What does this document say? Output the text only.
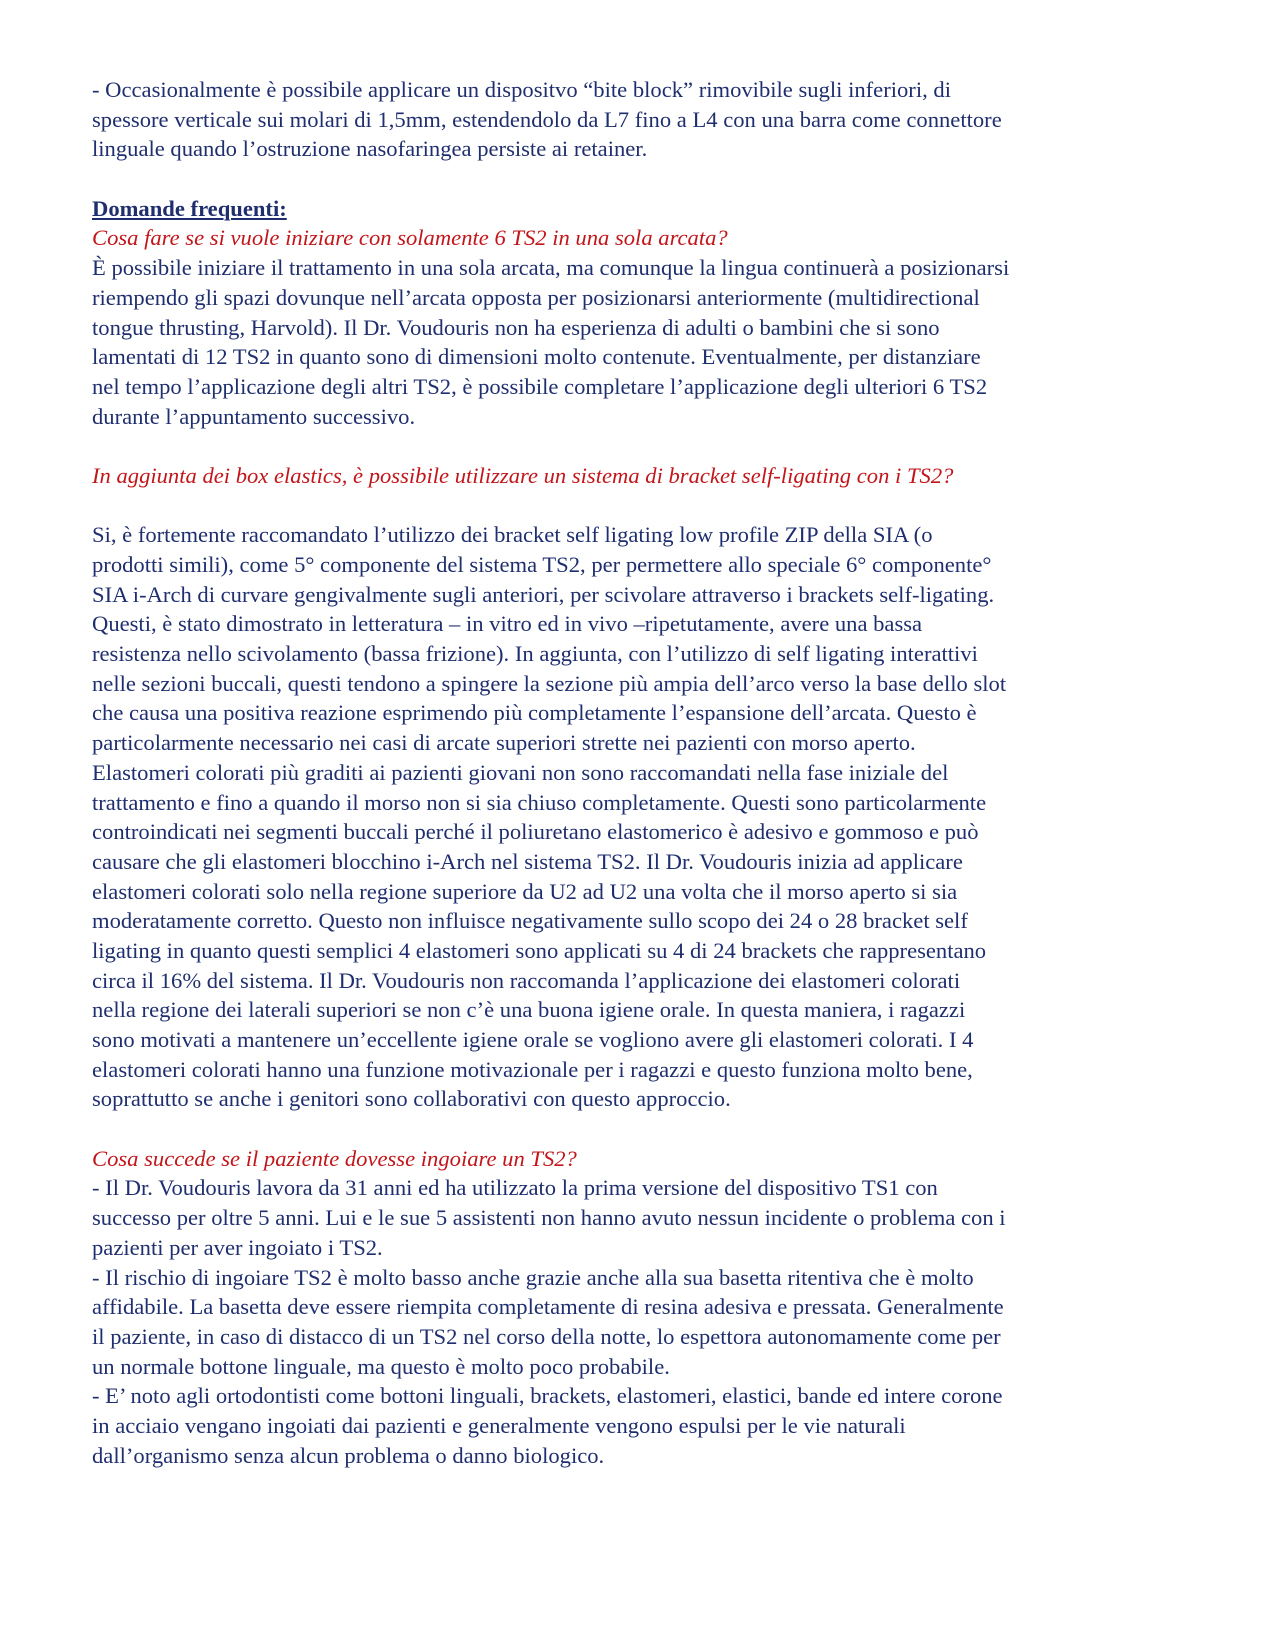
- Occasionalmente è possibile applicare un dispositvo “bite block” rimovibile sugli inferiori, di
spessore verticale sui molari di 1,5mm, estendendolo da L7 fino a L4 con una barra come connettore
linguale quando l’ostruzione nasofaringea persiste ai retainer.
Domande frequenti:
Cosa fare se si vuole iniziare con solamente 6 TS2 in una sola arcata?
È possibile iniziare il trattamento in una sola arcata, ma comunque la lingua continuerà a posizionarsi
riempendo gli spazi dovunque nell’arcata opposta per posizionarsi anteriormente (multidirectional
tongue thrusting, Harvold). Il Dr. Voudouris non ha esperienza di adulti o bambini che si sono
lamentati di 12 TS2 in quanto sono di dimensioni molto contenute. Eventualmente, per distanziare
nel tempo l’applicazione degli altri TS2, è possibile completare l’applicazione degli ulteriori 6 TS2
durante l’appuntamento successivo.
In aggiunta dei box elastics, è possibile utilizzare un sistema di bracket self-ligating con i TS2?
Si, è fortemente raccomandato l’utilizzo dei bracket self ligating low profile ZIP della SIA (o
prodotti simili), come 5° componente del sistema TS2, per permettere allo speciale 6° componente°
SIA i-Arch di curvare gengivalmente sugli anteriori, per scivolare attraverso i brackets self-ligating.
Questi, è stato dimostrato in letteratura – in vitro ed in vivo –ripetutamente, avere una bassa
resistenza nello scivolamento (bassa frizione). In aggiunta, con l’utilizzo di self ligating interattivi
nelle sezioni buccali, questi tendono a spingere la sezione più ampia dell’arco verso la base dello slot
che causa una positiva reazione esprimendo più completamente l’espansione dell’arcata. Questo è
particolarmente necessario nei casi di arcate superiori strette nei pazienti con morso aperto.
Elastomeri colorati più graditi ai pazienti giovani non sono raccomandati nella fase iniziale del
trattamento e fino a quando il morso non si sia chiuso completamente. Questi sono particolarmente
controindicati nei segmenti buccali perché il poliuretano elastomerico è adesivo e gommoso e può
causare che gli elastomeri blocchino i-Arch nel sistema TS2. Il Dr. Voudouris inizia ad applicare
elastomeri colorati solo nella regione superiore da U2 ad U2 una volta che il morso aperto si sia
moderatamente corretto. Questo non influisce negativamente sullo scopo dei 24 o 28 bracket self
ligating in quanto questi semplici 4 elastomeri sono applicati su 4 di 24 brackets che rappresentano
circa il 16% del sistema. Il Dr. Voudouris non raccomanda l’applicazione dei elastomeri colorati
nella regione dei laterali superiori se non c’è una buona igiene orale. In questa maniera, i ragazzi
sono motivati a mantenere un’eccellente igiene orale se vogliono avere gli elastomeri colorati. I 4
elastomeri colorati hanno una funzione motivazionale per i ragazzi e questo funziona molto bene,
soprattutto se anche i genitori sono collaborativi con questo approccio.
Cosa succede se il paziente dovesse ingoiare un TS2?
- Il Dr. Voudouris lavora da 31 anni ed ha utilizzato la prima versione del dispositivo TS1 con
successo per oltre 5 anni. Lui e le sue 5 assistenti non hanno avuto nessun incidente o problema con i
pazienti per aver ingoiato i TS2.
- Il rischio di ingoiare TS2 è molto basso anche grazie anche alla sua basetta ritentiva che è molto
affidabile. La basetta deve essere riempita completamente di resina adesiva e pressata. Generalmente
il paziente, in caso di distacco di un TS2 nel corso della notte, lo espettora autonomamente come per
un normale bottone linguale, ma questo è molto poco probabile.
- E’ noto agli ortodontisti come bottoni linguali, brackets, elastomeri, elastici, bande ed intere corone
in acciaio vengano ingoiati dai pazienti e generalmente vengono espulsi per le vie naturali
dall’organismo senza alcun problema o danno biologico.
